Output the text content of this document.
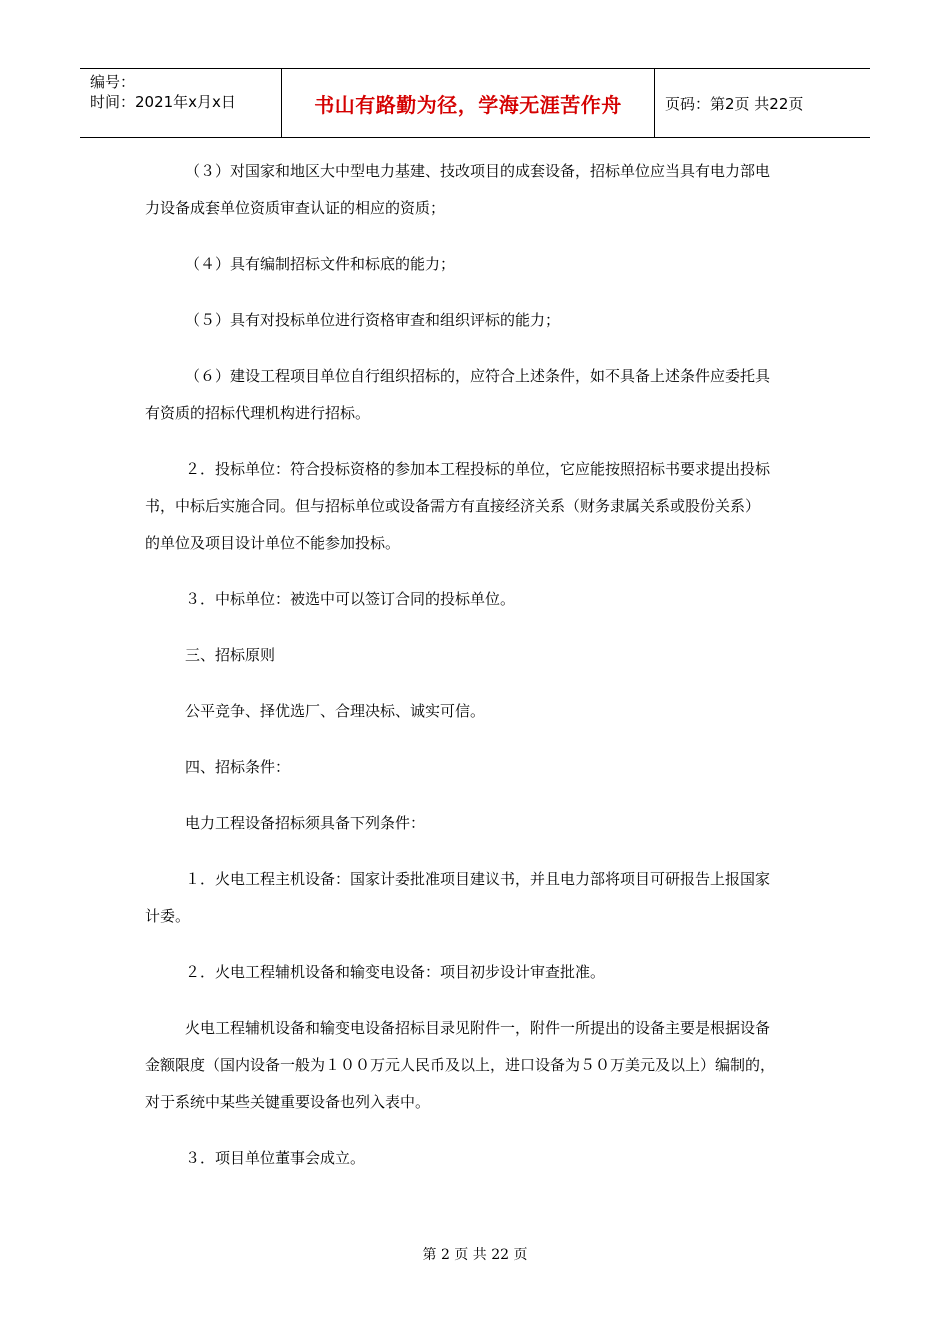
编号：
时间：2021年x月x日	书山有路勤为径，学海无涯苦作舟	页码：第2页 共22页
（３）对国家和地区大中型电力基建、技改项目的成套设备，招标单位应当具有电力部电
力设备成套单位资质审查认证的相应的资质；
（４）具有编制招标文件和标底的能力；
（５）具有对投标单位进行资格审查和组织评标的能力；
（６）建设工程项目单位自行组织招标的，应符合上述条件，如不具备上述条件应委托具
有资质的招标代理机构进行招标。
２．投标单位：符合投标资格的参加本工程投标的单位，它应能按照招标书要求提出投标
书，中标后实施合同。但与招标单位或设备需方有直接经济关系（财务隶属关系或股份关系）
的单位及项目设计单位不能参加投标。
３．中标单位：被选中可以签订合同的投标单位。
三、招标原则
公平竞争、择优选厂、合理决标、诚实可信。
四、招标条件：
电力工程设备招标须具备下列条件：
１．火电工程主机设备：国家计委批准项目建议书，并且电力部将项目可研报告上报国家
计委。
２．火电工程辅机设备和输变电设备：项目初步设计审查批准。
火电工程辅机设备和输变电设备招标目录见附件一，附件一所提出的设备主要是根据设备
金额限度（国内设备一般为１００万元人民币及以上，进口设备为５０万美元及以上）编制的，
对于系统中某些关键重要设备也列入表中。
３．项目单位董事会成立。
第 2 页 共 22 页
